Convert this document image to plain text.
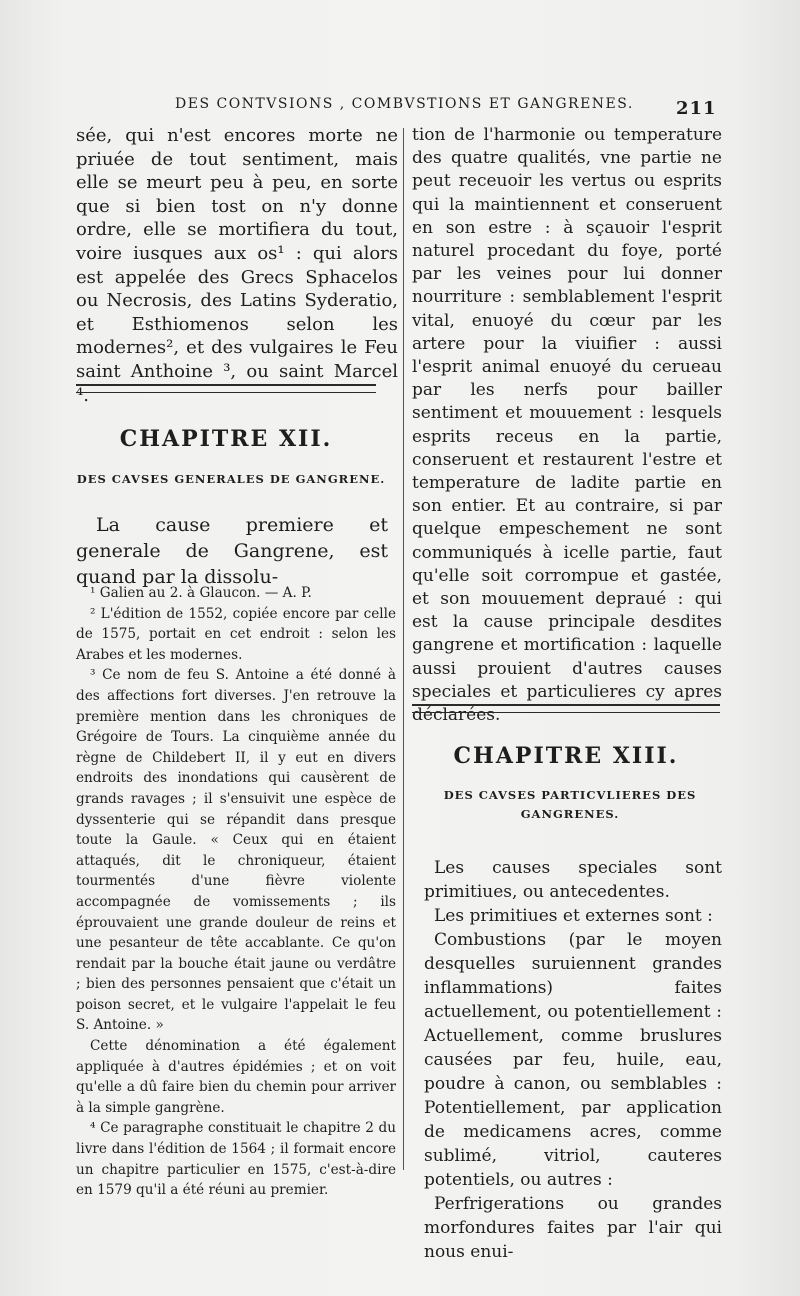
DES CONTVSIONS , COMBVSTIONS ET GANGRENES. 211

sée, qui n'est encores morte ne priuée de tout sentiment, mais elle se meurt peu à peu, en sorte que si bien tost on n'y donne ordre, elle se mortifiera du tout, voire iusques aux os¹ : qui alors est appelée des Grecs Sphacelos ou Necrosis, des Latins Syderatio, et Esthiomenos selon les modernes², et des vulgaires le Feu saint Anthoine ³, ou saint Marcel ⁴.

CHAPITRE XII.

DES CAVSES GENERALES DE GANGRENE.

La cause premiere et generale de Gangrene, est quand par la dissolu-

¹ Galien au 2. à Glaucon. — A. P.

² L'édition de 1552, copiée encore par celle de 1575, portait en cet endroit : selon les Arabes et les modernes.

³ Ce nom de feu S. Antoine a été donné à des affections fort diverses. J'en retrouve la première mention dans les chroniques de Grégoire de Tours. La cinquième année du règne de Childebert II, il y eut en divers endroits des inondations qui causèrent de grands ravages ; il s'ensuivit une espèce de dyssenterie qui se répandit dans presque toute la Gaule. « Ceux qui en étaient attaqués, dit le chroniqueur, étaient tourmentés d'une fièvre violente accompagnée de vomissements ; ils éprouvaient une grande douleur de reins et une pesanteur de tête accablante. Ce qu'on rendait par la bouche était jaune ou verdâtre ; bien des personnes pensaient que c'était un poison secret, et le vulgaire l'appelait le feu S. Antoine. »

Cette dénomination a été également appliquée à d'autres épidémies ; et on voit qu'elle a dû faire bien du chemin pour arriver à la simple gangrène.

⁴ Ce paragraphe constituait le chapitre 2 du livre dans l'édition de 1564 ; il formait encore un chapitre particulier en 1575, c'est-à-dire en 1579 qu'il a été réuni au premier.

tion de l'harmonie ou temperature des quatre qualités, vne partie ne peut receuoir les vertus ou esprits qui la maintiennent et conseruent en son estre : à sçauoir l'esprit naturel procedant du foye, porté par les veines pour lui donner nourriture : semblablement l'esprit vital, enuoyé du cœur par les artere pour la viuifier : aussi l'esprit animal enuoyé du cerueau par les nerfs pour bailler sentiment et mouuement : lesquels esprits receus en la partie, conseruent et restaurent l'estre et temperature de ladite partie en son entier. Et au contraire, si par quelque empeschement ne sont communiqués à icelle partie, faut qu'elle soit corrompue et gastée, et son mouuement depraué : qui est la cause principale desdites gangrene et mortification : laquelle aussi prouient d'autres causes speciales et particulieres cy apres déclarées.

CHAPITRE XIII.

DES CAVSES PARTICVLIERES DES GANGRENES.

Les causes speciales sont primitiues, ou antecedentes.

Les primitiues et externes sont :

Combustions (par le moyen desquelles suruiennent grandes inflammations) faites actuellement, ou potentiellement : Actuellement, comme bruslures causées par feu, huile, eau, poudre à canon, ou semblables : Potentiellement, par application de medicamens acres, comme sublimé, vitriol, cauteres potentiels, ou autres :

Perfrigerations ou grandes morfondures faites par l'air qui nous enui-
